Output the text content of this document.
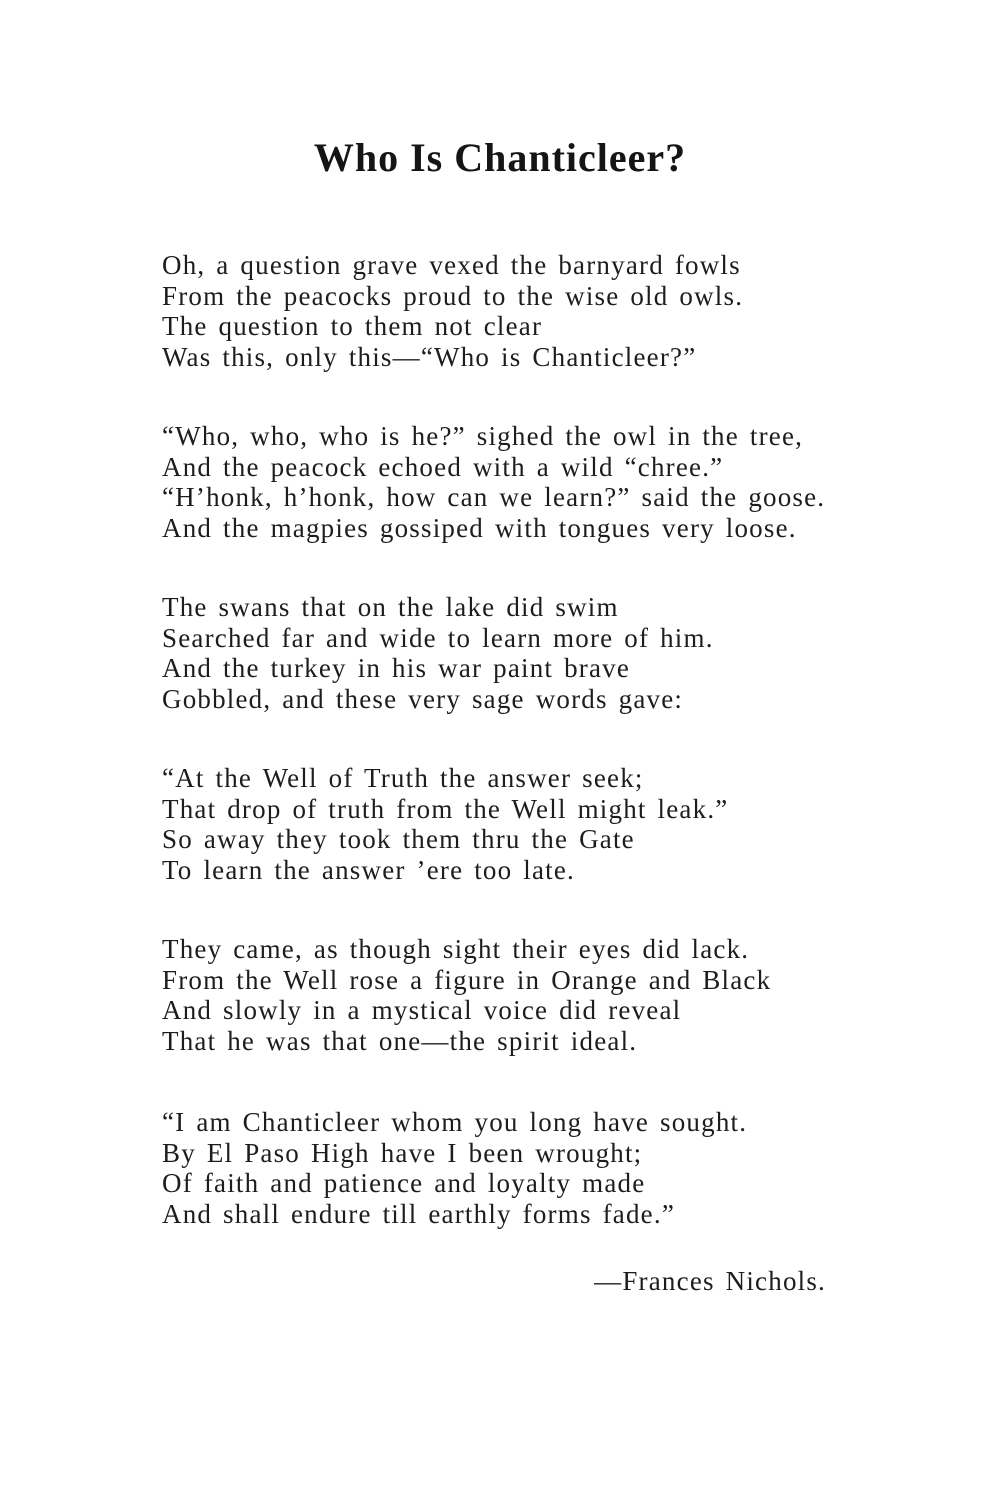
Who Is Chanticleer?
Oh, a question grave vexed the barnyard fowls
From the peacocks proud to the wise old owls.
The question to them not clear
Was this, only this—“Who is Chanticleer?”
“Who, who, who is he?” sighed the owl in the tree,
And the peacock echoed with a wild “chree.”
“H’honk, h’honk, how can we learn?” said the goose.
And the magpies gossiped with tongues very loose.
The swans that on the lake did swim
Searched far and wide to learn more of him.
And the turkey in his war paint brave
Gobbled, and these very sage words gave:
“At the Well of Truth the answer seek;
That drop of truth from the Well might leak.”
So away they took them thru the Gate
To learn the answer ’ere too late.
They came, as though sight their eyes did lack.
From the Well rose a figure in Orange and Black
And slowly in a mystical voice did reveal
That he was that one—the spirit ideal.
“I am Chanticleer whom you long have sought.
By El Paso High have I been wrought;
Of faith and patience and loyalty made
And shall endure till earthly forms fade.”
—Frances Nichols.
